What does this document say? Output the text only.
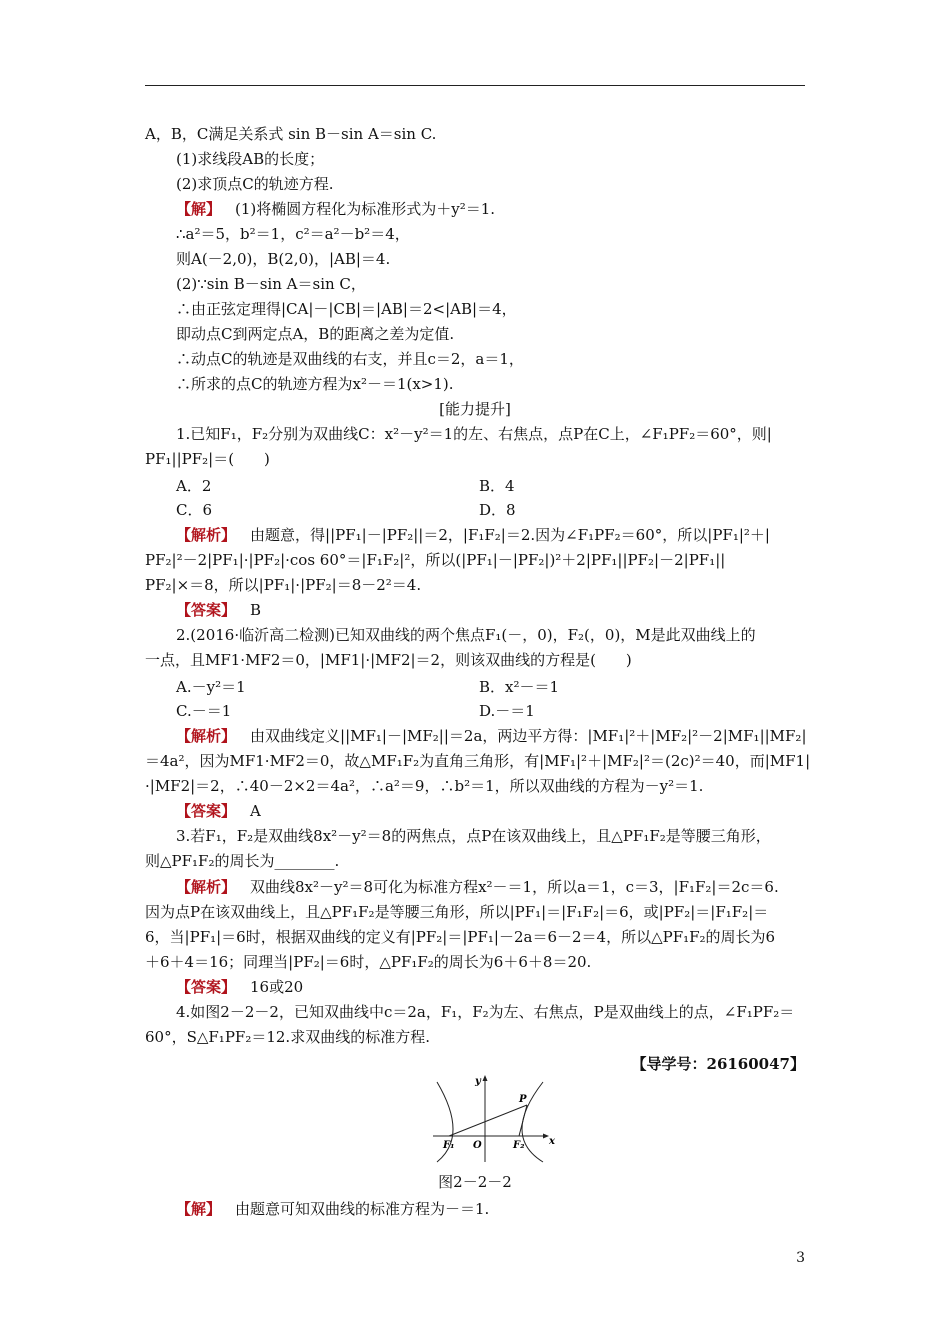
A，B，C满足关系式 sin B－sin A＝sin C.
(1)求线段AB的长度；
(2)求顶点C的轨迹方程.
【解】 (1)将椭圆方程化为标准形式为＋y²＝1.
∴a²＝5，b²＝1，c²＝a²－b²＝4，
则A(－2,0)，B(2,0)，|AB|＝4.
(2)∵sin B－sin A＝sin C，
∴由正弦定理得|CA|－|CB|＝|AB|＝2<|AB|＝4，
即动点C到两定点A，B的距离之差为定值.
∴动点C的轨迹是双曲线的右支，并且c＝2，a＝1，
∴所求的点C的轨迹方程为x²－＝1(x>1).
[能力提升]
1.已知F₁，F₂分别为双曲线C：x²－y²＝1的左、右焦点，点P在C上，∠F₁PF₂＝60°，则|
PF₁||PF₂|＝(　　)
A．2	B．4
C．6	D．8
【解析】 由题意，得||PF₁|－|PF₂||＝2，|F₁F₂|＝2.因为∠F₁PF₂＝60°，所以|PF₁|²＋|
PF₂|²－2|PF₁|·|PF₂|·cos 60°＝|F₁F₂|²，所以(|PF₁|－|PF₂|)²＋2|PF₁||PF₂|－2|PF₁||
PF₂|×＝8，所以|PF₁|·|PF₂|＝8－2²＝4.
【答案】 B
2.(2016·临沂高二检测)已知双曲线的两个焦点F₁(－，0)，F₂(，0)，M是此双曲线上的
一点，且MF1·MF2＝0，|MF1|·|MF2|＝2，则该双曲线的方程是(　　)
A.－y²＝1	B．x²－＝1
C.－＝1	D.－＝1
【解析】 由双曲线定义||MF₁|－|MF₂||＝2a，两边平方得：|MF₁|²＋|MF₂|²－2|MF₁||MF₂|
＝4a²，因为MF1·MF2＝0，故△MF₁F₂为直角三角形，有|MF₁|²＋|MF₂|²＝(2c)²＝40，而|MF1|
·|MF2|＝2，∴40－2×2＝4a²，∴a²＝9，∴b²＝1，所以双曲线的方程为－y²＝1.
【答案】 A
3.若F₁，F₂是双曲线8x²－y²＝8的两焦点，点P在该双曲线上，且△PF₁F₂是等腰三角形，
则△PF₁F₂的周长为________.
【解析】 双曲线8x²－y²＝8可化为标准方程x²－＝1，所以a＝1，c＝3，|F₁F₂|＝2c＝6.
因为点P在该双曲线上，且△PF₁F₂是等腰三角形，所以|PF₁|＝|F₁F₂|＝6，或|PF₂|＝|F₁F₂|＝
6，当|PF₁|＝6时，根据双曲线的定义有|PF₂|＝|PF₁|－2a＝6－2＝4，所以△PF₁F₂的周长为6
＋6＋4＝16；同理当|PF₂|＝6时，△PF₁F₂的周长为6＋6＋8＝20.
【答案】 16或20
4.如图2－2－2，已知双曲线中c＝2a，F₁，F₂为左、右焦点，P是双曲线上的点，∠F₁PF₂＝
60°，S△F₁PF₂＝12.求双曲线的标准方程.
【导学号：26160047】
y
x
P
O
F₁	F₂
图2－2－2
【解】 由题意可知双曲线的标准方程为－＝1.
3
